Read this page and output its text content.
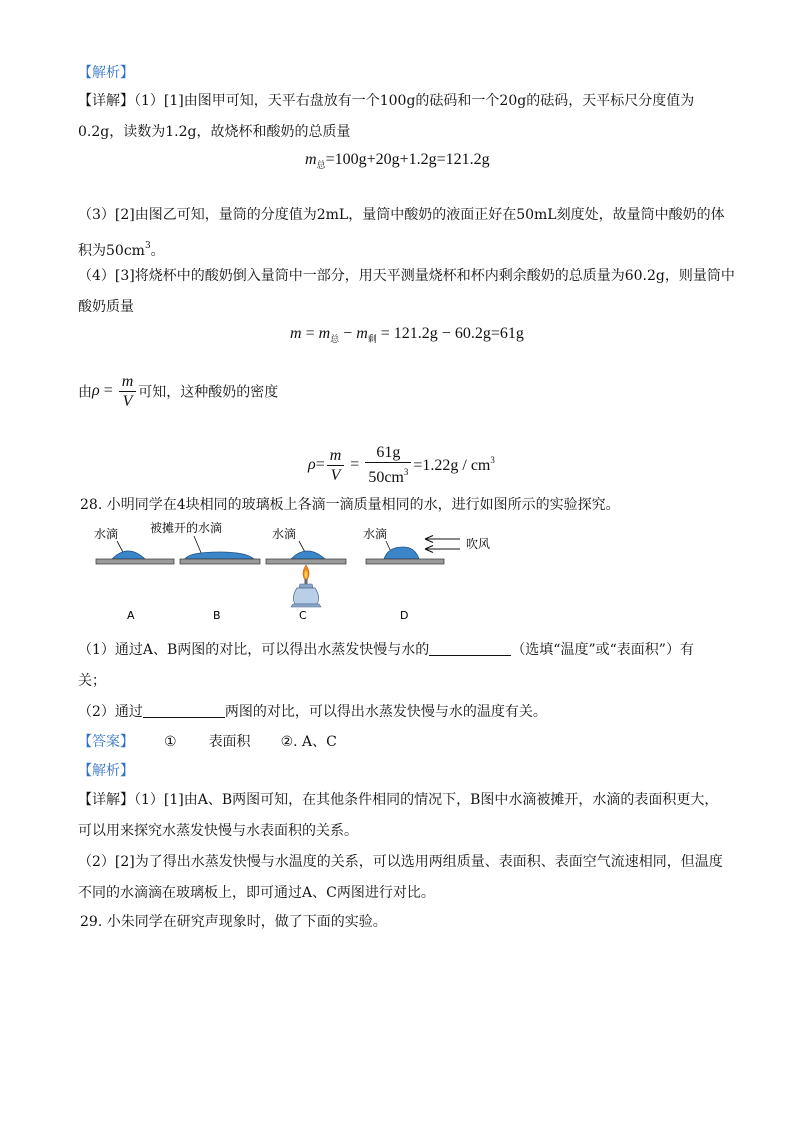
【解析】
【详解】（1）[1]由图甲可知，天平右盘放有一个100g的砝码和一个20g的砝码，天平标尺分度值为
0.2g，读数为1.2g，故烧杯和酸奶的总质量
$m_总=100g+20g+1.2g=121.2g$
（3）[2]由图乙可知，量筒的分度值为2mL，量筒中酸奶的液面正好在50mL刻度处，故量筒中酸奶的体
积为$50cm^3$。
（4）[3]将烧杯中的酸奶倒入量筒中一部分，用天平测量烧杯和杯内剩余酸奶的总质量为60.2g，则量筒中
酸奶质量
$m = m_总 - m_剩 = 121.2g - 60.2g=61g$
由$\rho = \frac{m}{V}$ 可知，这种酸奶的密度
$\rho= \frac{m}{V} = \frac{61g}{50cm^3} =1.22g / cm^3$
28. 小明同学在4块相同的玻璃板上各滴一滴质量相同的水，进行如图所示的实验探究。
水滴
A
被摊开的水滴
B
水滴
C
水滴
吹风
D
（1）通过A、B两图的对比，可以得出水蒸发快慢与水的	（选填“温度”或“表面积”）有
关；
（2）通过	两图的对比，可以得出水蒸发快慢与水的温度有关。
【答案】 ① 表面积 ②. A、C
【解析】
【详解】（1）[1]由A、B两图可知，在其他条件相同的情况下，B图中水滴被摊开，水滴的表面积更大，
可以用来探究水蒸发快慢与水表面积的关系。
（2）[2]为了得出水蒸发快慢与水温度的关系，可以选用两组质量、表面积、表面空气流速相同，但温度
不同的水滴滴在玻璃板上，即可通过A、C两图进行对比。
29. 小朱同学在研究声现象时，做了下面的实验。
